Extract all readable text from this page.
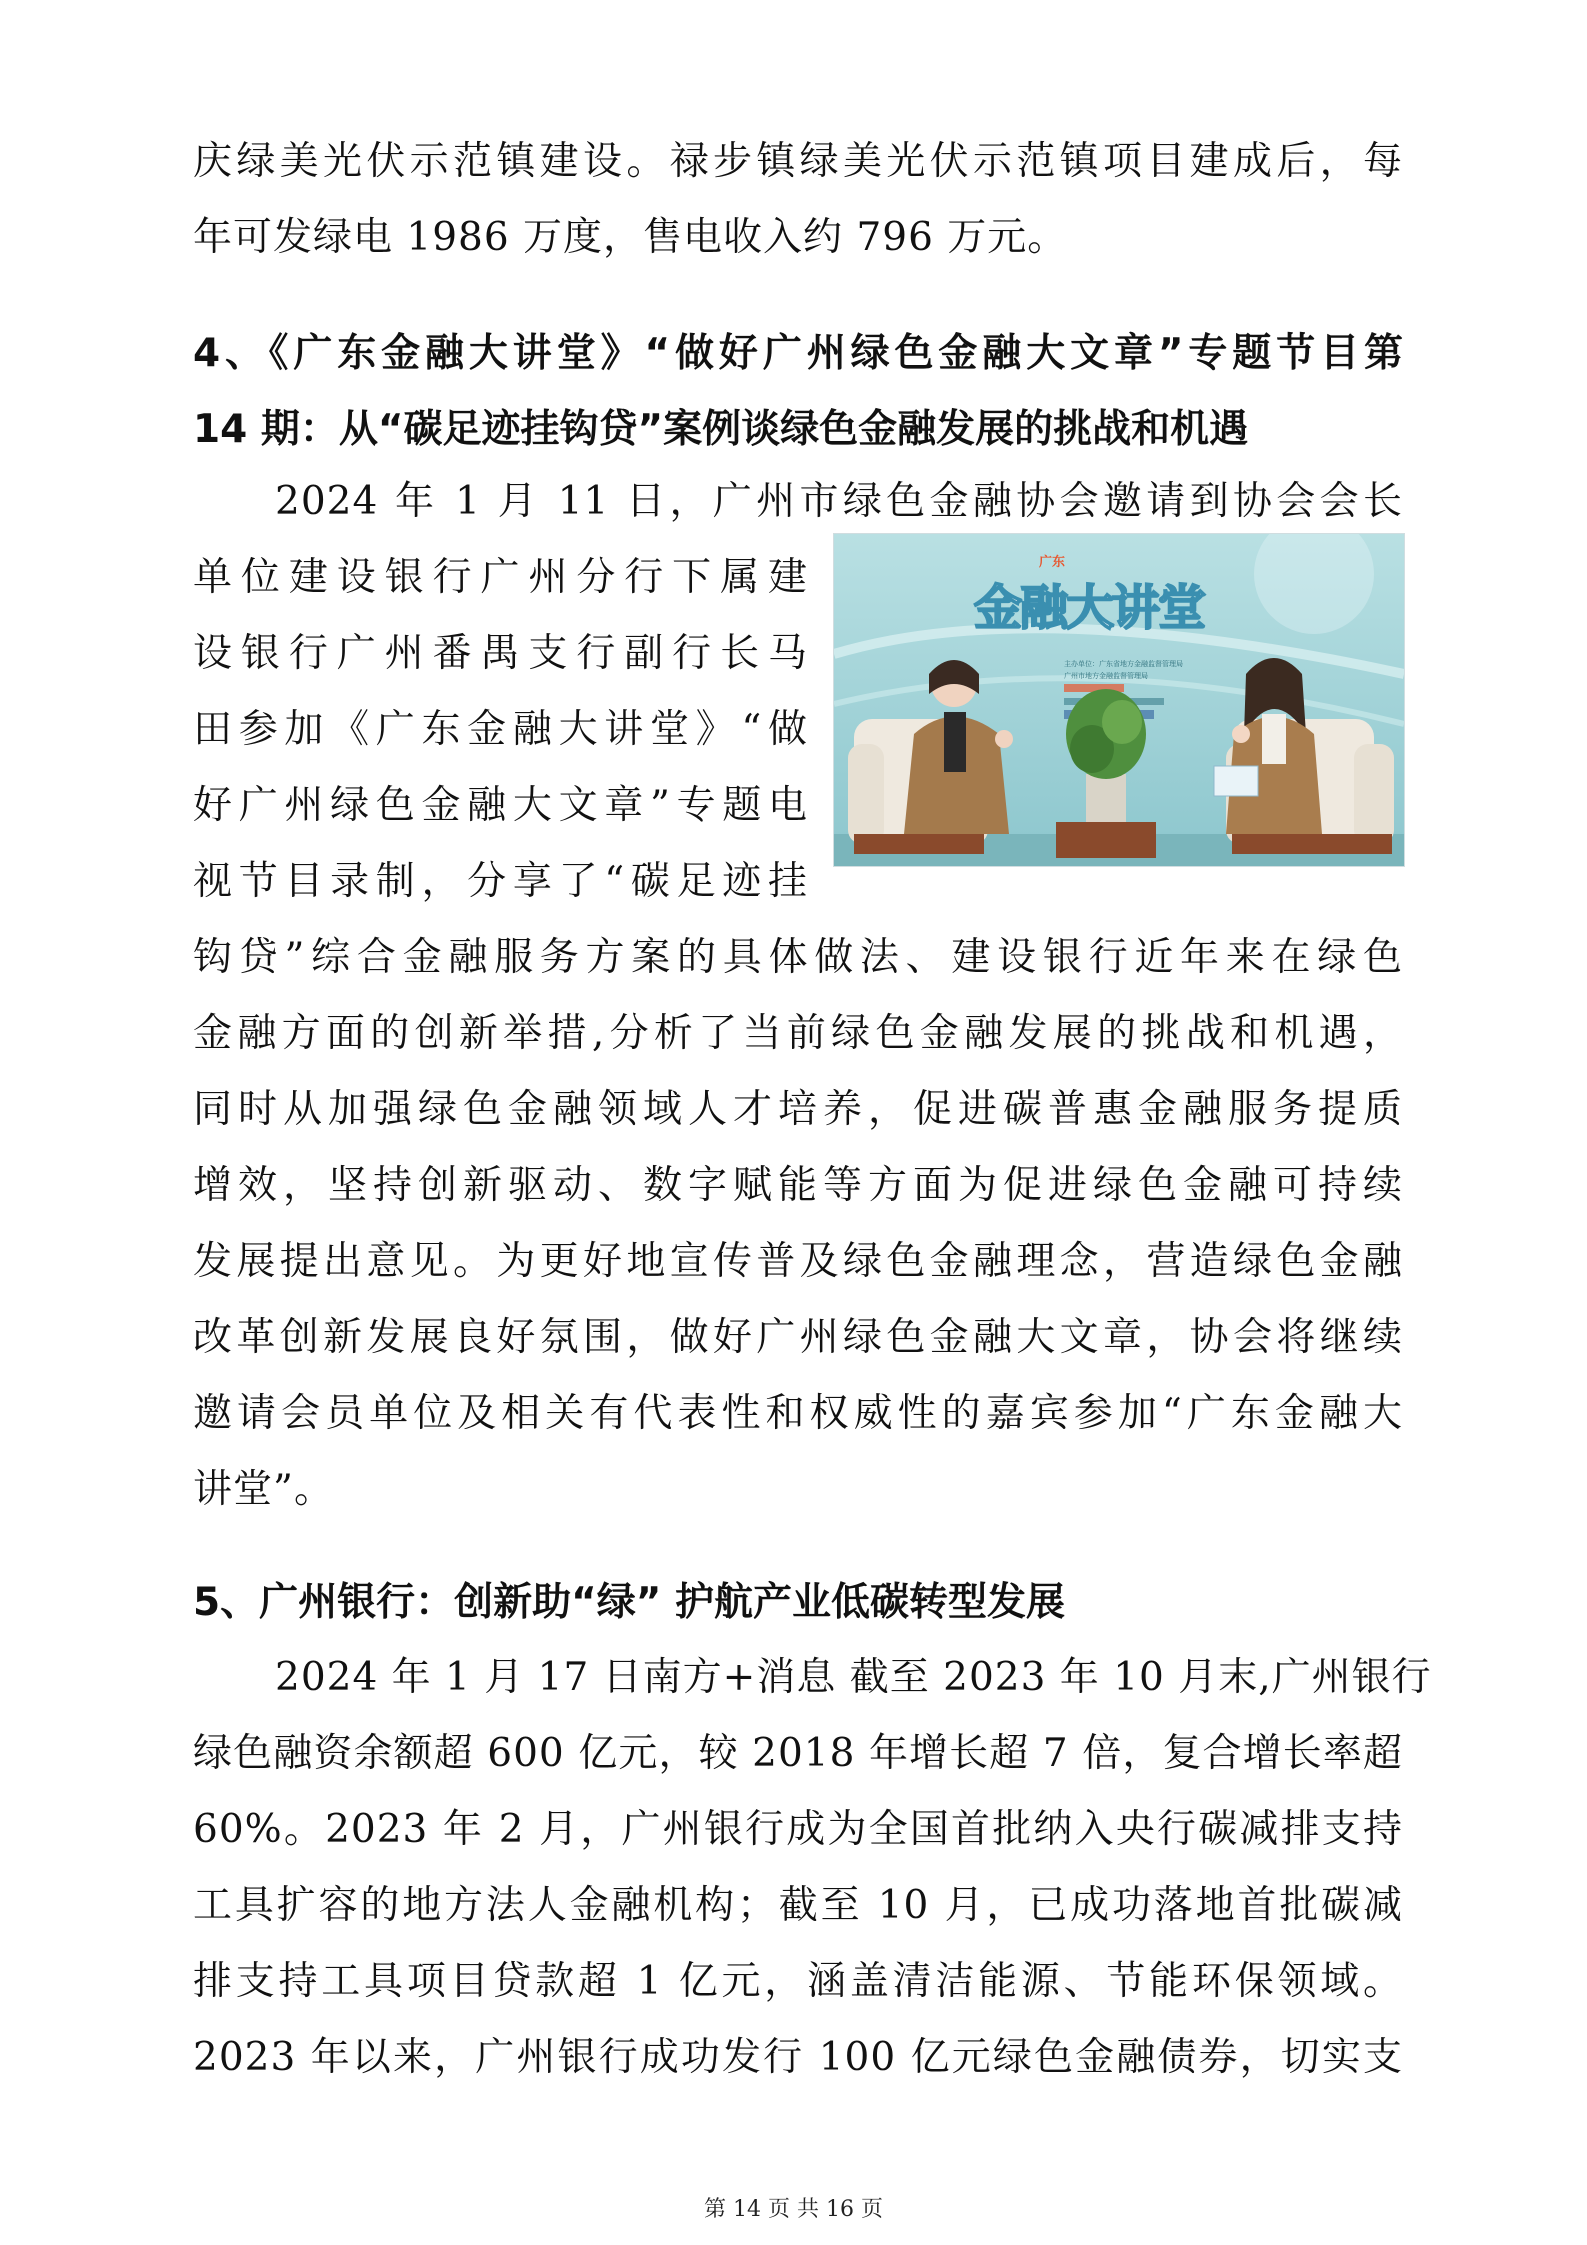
庆绿美光伏示范镇建设。禄步镇绿美光伏示范镇项目建成后，每
年可发绿电 1986 万度，售电收入约 796 万元。
4、《广东金融大讲堂》“做好广州绿色金融大文章”专题节目第
14 期：从“碳足迹挂钩贷”案例谈绿色金融发展的挑战和机遇
2024 年 1 月 11 日，广州市绿色金融协会邀请到协会会长
单位建设银行广州分行下属建
设银行广州番禺支行副行长马
田参加《广东金融大讲堂》“做
好广州绿色金融大文章”专题电
视节目录制，分享了“碳足迹挂
钩贷”综合金融服务方案的具体做法、建设银行近年来在绿色
金融方面的创新举措,分析了当前绿色金融发展的挑战和机遇，
同时从加强绿色金融领域人才培养，促进碳普惠金融服务提质
增效，坚持创新驱动、数字赋能等方面为促进绿色金融可持续
发展提出意见。为更好地宣传普及绿色金融理念，营造绿色金融
改革创新发展良好氛围，做好广州绿色金融大文章，协会将继续
邀请会员单位及相关有代表性和权威性的嘉宾参加“广东金融大
讲堂”。
广东
金融大讲堂
主办单位：广东省地方金融监督管理局
广州市地方金融监督管理局
5、广州银行：创新助“绿” 护航产业低碳转型发展
2024 年 1 月 17 日南方+消息 截至 2023 年 10 月末,广州银行
绿色融资余额超 600 亿元，较 2018 年增长超 7 倍，复合增长率超
60%。2023 年 2 月，广州银行成为全国首批纳入央行碳减排支持
工具扩容的地方法人金融机构；截至 10 月，已成功落地首批碳减
排支持工具项目贷款超 1 亿元，涵盖清洁能源、节能环保领域。
2023 年以来，广州银行成功发行 100 亿元绿色金融债券，切实支
第 14 页 共 16 页
